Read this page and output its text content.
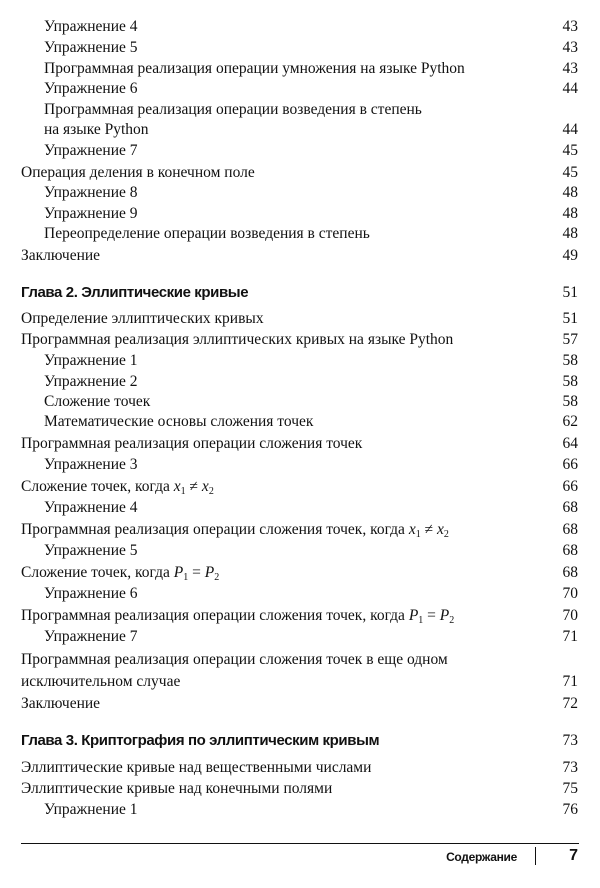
Упражнение 4	43
Упражнение 5	43
Программная реализация операции умножения на языке Python	43
Упражнение 6	44
Программная реализация операции возведения в степень
на языке Python	44
Упражнение 7	45
Операция деления в конечном поле	45
Упражнение 8	48
Упражнение 9	48
Переопределение операции возведения в степень	48
Заключение	49
Глава 2. Эллиптические кривые	51
Определение эллиптических кривых	51
Программная реализация эллиптических кривых на языке Python	57
Упражнение 1	58
Упражнение 2	58
Сложение точек	58
Математические основы сложения точек	62
Программная реализация операции сложения точек	64
Упражнение 3	66
Сложение точек, когда $x_1 \ne x_2$	66
Упражнение 4	68
Программная реализация операции сложения точек, когда $x_1 \ne x_2$	68
Упражнение 5	68
Сложение точек, когда $P_1 = P_2$	68
Упражнение 6	70
Программная реализация операции сложения точек, когда $P_1 = P_2$	70
Упражнение 7	71
Программная реализация операции сложения точек в еще одном
исключительном случае	71
Заключение	72
Глава 3. Криптография по эллиптическим кривым	73
Эллиптические кривые над вещественными числами	73
Эллиптические кривые над конечными полями	75
Упражнение 1	76
Содержание	7
